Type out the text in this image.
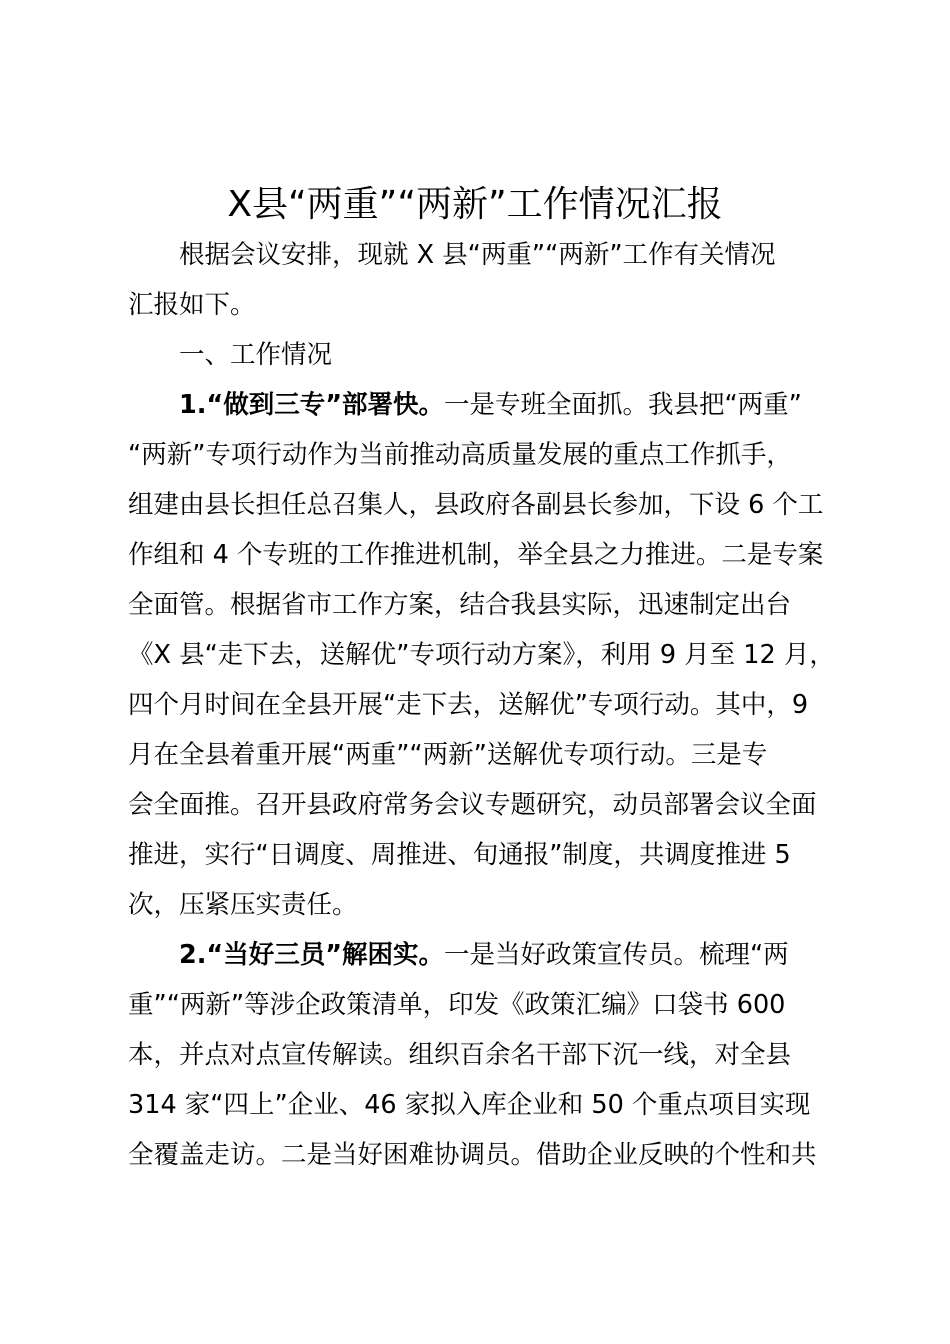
X县“两重”“两新”工作情况汇报
根据会议安排，现就 X 县“两重”“两新”工作有关情况
汇报如下。
一、工作情况
1.“做到三专”部署快。一是专班全面抓。我县把“两重”
“两新”专项行动作为当前推动高质量发展的重点工作抓手，
组建由县长担任总召集人，县政府各副县长参加，下设 6 个工
作组和 4 个专班的工作推进机制，举全县之力推进。二是专案
全面管。根据省市工作方案，结合我县实际，迅速制定出台
《X 县“走下去，送解优”专项行动方案》，利用 9 月至 12 月，
四个月时间在全县开展“走下去，送解优”专项行动。其中，9
月在全县着重开展“两重”“两新”送解优专项行动。三是专
会全面推。召开县政府常务会议专题研究，动员部署会议全面
推进，实行“日调度、周推进、旬通报”制度，共调度推进 5
次，压紧压实责任。
2.“当好三员”解困实。一是当好政策宣传员。梳理“两
重”“两新”等涉企政策清单，印发《政策汇编》口袋书 600
本，并点对点宣传解读。组织百余名干部下沉一线，对全县
314 家“四上”企业、46 家拟入库企业和 50 个重点项目实现
全覆盖走访。二是当好困难协调员。借助企业反映的个性和共
